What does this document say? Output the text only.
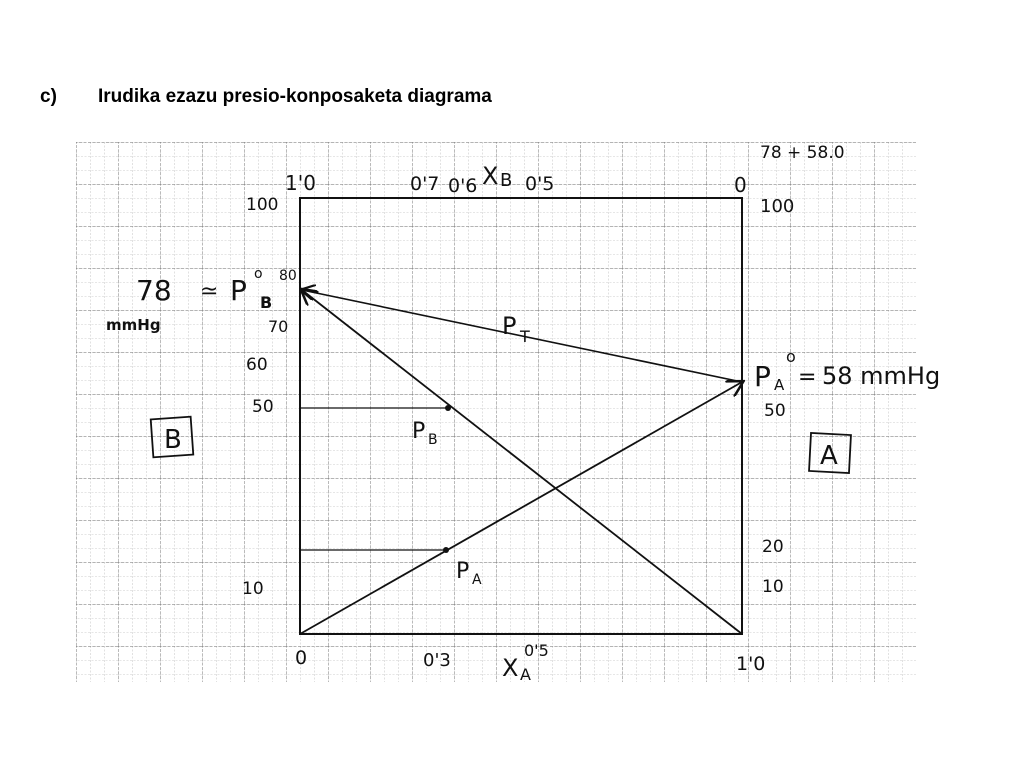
c) Irudika ezazu presio-konposaketa diagrama
1'0	0
0'7 0'6 X B 0'5
0	0'3	0'5
X A	1'0
100
80
70
60
50
10
100
50
20
10
78
mmHg
≃ P o
B
P
o
A = 58 mmHg
P T
P B
P A
B
A
78 + 58.0
